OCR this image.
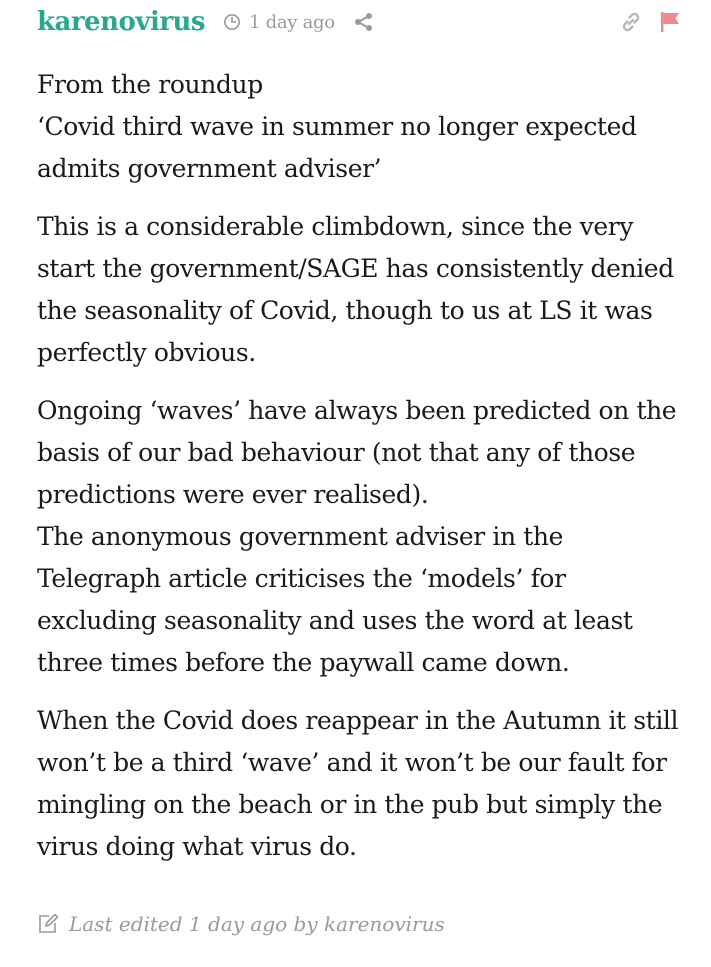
karenovirus 1 day ago

From the roundup
‘Covid third wave in summer no longer expected
admits government adviser’

This is a considerable climbdown, since the very
start the government/SAGE has consistently denied
the seasonality of Covid, though to us at LS it was
perfectly obvious.

Ongoing ‘waves’ have always been predicted on the
basis of our bad behaviour (not that any of those
predictions were ever realised).
The anonymous government adviser in the
Telegraph article criticises the ‘models’ for
excluding seasonality and uses the word at least
three times before the paywall came down.

When the Covid does reappear in the Autumn it still
won’t be a third ‘wave’ and it won’t be our fault for
mingling on the beach or in the pub but simply the
virus doing what virus do.

Last edited 1 day ago by karenovirus
